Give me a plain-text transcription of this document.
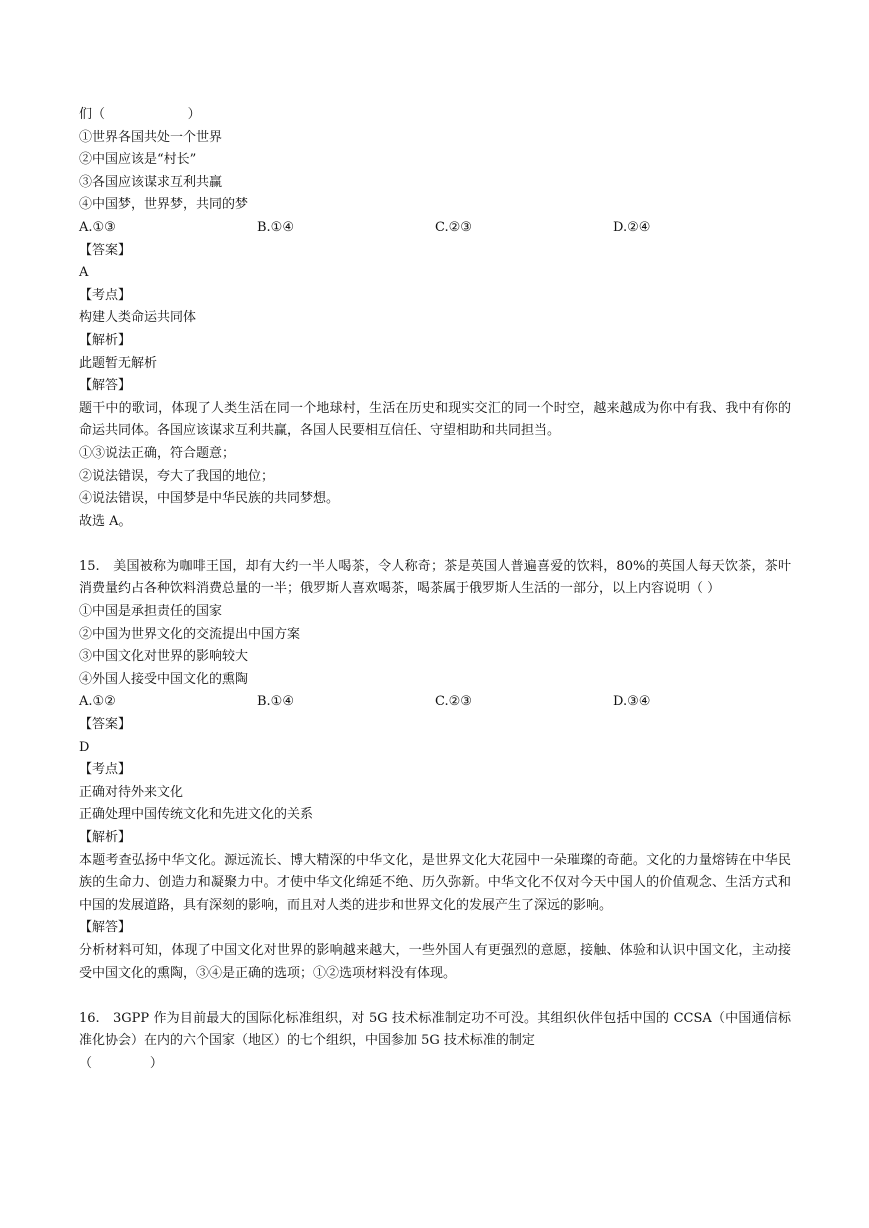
们（                    ）
①世界各国共处一个世界
②中国应该是“村长”
③各国应该谋求互利共赢
④中国梦，世界梦，共同的梦
A.①③	B.①④	C.②③	D.②④
【答案】
A
【考点】
构建人类命运共同体
【解析】
此题暂无解析
【解答】
题干中的歌词，体现了人类生活在同一个地球村，生活在历史和现实交汇的同一个时空，越来越成为你中有我、我中有你的命运共同体。各国应该谋求互利共赢，各国人民要相互信任、守望相助和共同担当。
①③说法正确，符合题意；
②说法错误，夸大了我国的地位；
④说法错误，中国梦是中华民族的共同梦想。
故选 A。
15. 美国被称为咖啡王国，却有大约一半人喝茶，令人称奇；茶是英国人普遍喜爱的饮料，80%的英国人每天饮茶，茶叶消费量约占各种饮料消费总量的一半；俄罗斯人喜欢喝茶，喝茶属于俄罗斯人生活的一部分，以上内容说明（ ）
①中国是承担责任的国家
②中国为世界文化的交流提出中国方案
③中国文化对世界的影响较大
④外国人接受中国文化的熏陶
A.①②	B.①④	C.②③	D.③④
【答案】
D
【考点】
正确对待外来文化
正确处理中国传统文化和先进文化的关系
【解析】
本题考查弘扬中华文化。源远流长、博大精深的中华文化，是世界文化大花园中一朵璀璨的奇葩。文化的力量熔铸在中华民族的生命力、创造力和凝聚力中。才使中华文化绵延不绝、历久弥新。中华文化不仅对今天中国人的价值观念、生活方式和中国的发展道路，具有深刻的影响，而且对人类的进步和世界文化的发展产生了深远的影响。
【解答】
分析材料可知，体现了中国文化对世界的影响越来越大，一些外国人有更强烈的意愿，接触、体验和认识中国文化，主动接受中国文化的熏陶，③④是正确的选项；①②选项材料没有体现。
16. 3GPP 作为目前最大的国际化标准组织，对 5G 技术标准制定功不可没。其组织伙伴包括中国的 CCSA（中国通信标准化协会）在内的六个国家（地区）的七个组织，中国参加 5G 技术标准的制定
（              ）
